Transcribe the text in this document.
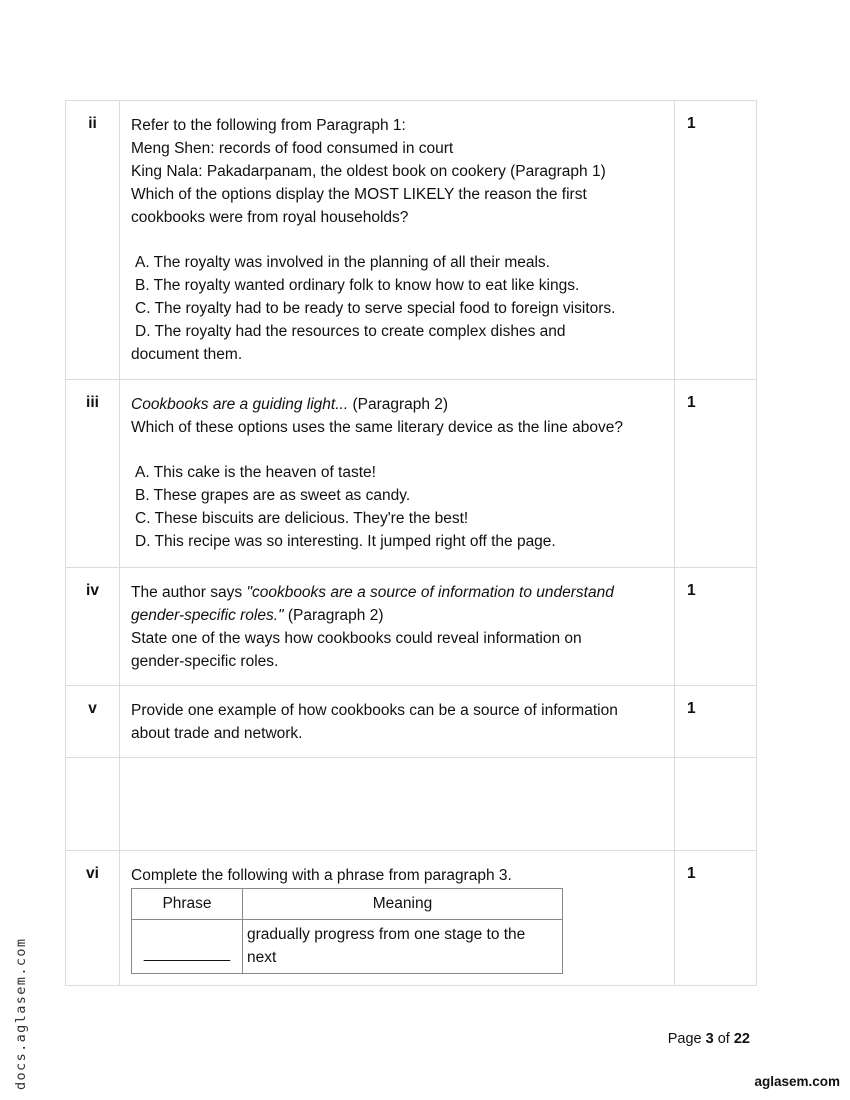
ii	Refer to the following from Paragraph 1:
Meng Shen: records of food consumed in court
King Nala: Pakadarpanam, the oldest book on cookery (Paragraph 1)
Which of the options display the MOST LIKELY the reason the first
cookbooks were from royal households?
A. The royalty was involved in the planning of all their meals.
B. The royalty wanted ordinary folk to know how to eat like kings.
C. The royalty had to be ready to serve special food to foreign visitors.
D. The royalty had the resources to create complex dishes and
document them.

1

iii	Cookbooks are a guiding light... (Paragraph 2)
Which of these options uses the same literary device as the line above?
A. This cake is the heaven of taste!
B. These grapes are as sweet as candy.
C. These biscuits are delicious. They're the best!
D. This recipe was so interesting. It jumped right off the page.

1

iv	The author says "cookbooks are a source of information to understand
gender-specific roles." (Paragraph 2)
State one of the ways how cookbooks could reveal information on
gender-specific roles.

1

v	Provide one example of how cookbooks can be a source of information
about trade and network.

1

vi	Complete the following with a phrase from paragraph 3.
Phrase	Meaning
__________	gradually progress from one stage to the next

1
docs.aglasem.com	Page 3 of 22
aglasem.com
